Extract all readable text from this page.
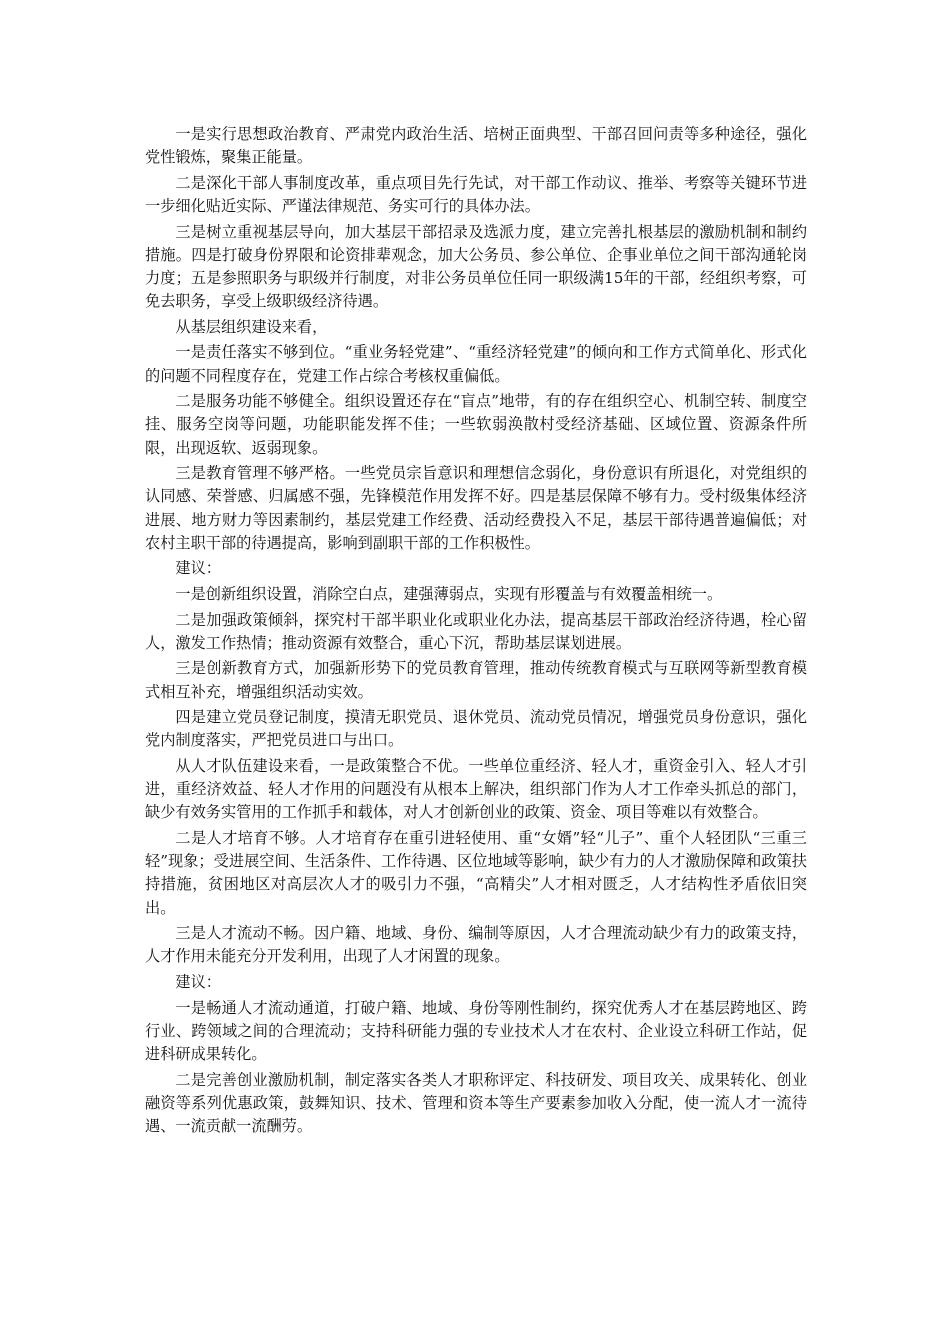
一是实行思想政治教育、严肃党内政治生活、培树正面典型、干部召回问责等多种途径，强化党性锻炼，聚集正能量。

二是深化干部人事制度改革，重点项目先行先试，对干部工作动议、推举、考察等关键环节进一步细化贴近实际、严谨法律规范、务实可行的具体办法。

三是树立重视基层导向，加大基层干部招录及选派力度，建立完善扎根基层的激励机制和制约措施。四是打破身份界限和论资排辈观念，加大公务员、参公单位、企事业单位之间干部沟通轮岗力度；五是参照职务与职级并行制度，对非公务员单位任同一职级满15年的干部，经组织考察，可免去职务，享受上级职级经济待遇。

从基层组织建设来看，

一是责任落实不够到位。“重业务轻党建”、“重经济轻党建”的倾向和工作方式简单化、形式化的问题不同程度存在，党建工作占综合考核权重偏低。

二是服务功能不够健全。组织设置还存在“盲点”地带，有的存在组织空心、机制空转、制度空挂、服务空岗等问题，功能职能发挥不佳；一些软弱涣散村受经济基础、区域位置、资源条件所限，出现返软、返弱现象。

三是教育管理不够严格。一些党员宗旨意识和理想信念弱化，身份意识有所退化，对党组织的认同感、荣誉感、归属感不强，先锋模范作用发挥不好。四是基层保障不够有力。受村级集体经济进展、地方财力等因素制约，基层党建工作经费、活动经费投入不足，基层干部待遇普遍偏低；对农村主职干部的待遇提高，影响到副职干部的工作积极性。

建议：

一是创新组织设置，消除空白点，建强薄弱点，实现有形覆盖与有效覆盖相统一。

二是加强政策倾斜，探究村干部半职业化或职业化办法，提高基层干部政治经济待遇，栓心留人，激发工作热情；推动资源有效整合，重心下沉，帮助基层谋划进展。

三是创新教育方式，加强新形势下的党员教育管理，推动传统教育模式与互联网等新型教育模式相互补充，增强组织活动实效。

四是建立党员登记制度，摸清无职党员、退休党员、流动党员情况，增强党员身份意识，强化党内制度落实，严把党员进口与出口。

从人才队伍建设来看，一是政策整合不优。一些单位重经济、轻人才，重资金引入、轻人才引进，重经济效益、轻人才作用的问题没有从根本上解决，组织部门作为人才工作牵头抓总的部门，缺少有效务实管用的工作抓手和载体，对人才创新创业的政策、资金、项目等难以有效整合。

二是人才培育不够。人才培育存在重引进轻使用、重“女婿”轻“儿子”、重个人轻团队“三重三轻”现象；受进展空间、生活条件、工作待遇、区位地域等影响，缺少有力的人才激励保障和政策扶持措施，贫困地区对高层次人才的吸引力不强，“高精尖”人才相对匮乏，人才结构性矛盾依旧突出。

三是人才流动不畅。因户籍、地域、身份、编制等原因，人才合理流动缺少有力的政策支持，人才作用未能充分开发利用，出现了人才闲置的现象。

建议：

一是畅通人才流动通道，打破户籍、地域、身份等刚性制约，探究优秀人才在基层跨地区、跨行业、跨领域之间的合理流动；支持科研能力强的专业技术人才在农村、企业设立科研工作站，促进科研成果转化。

二是完善创业激励机制，制定落实各类人才职称评定、科技研发、项目攻关、成果转化、创业融资等系列优惠政策，鼓舞知识、技术、管理和资本等生产要素参加收入分配，使一流人才一流待遇、一流贡献一流酬劳。
